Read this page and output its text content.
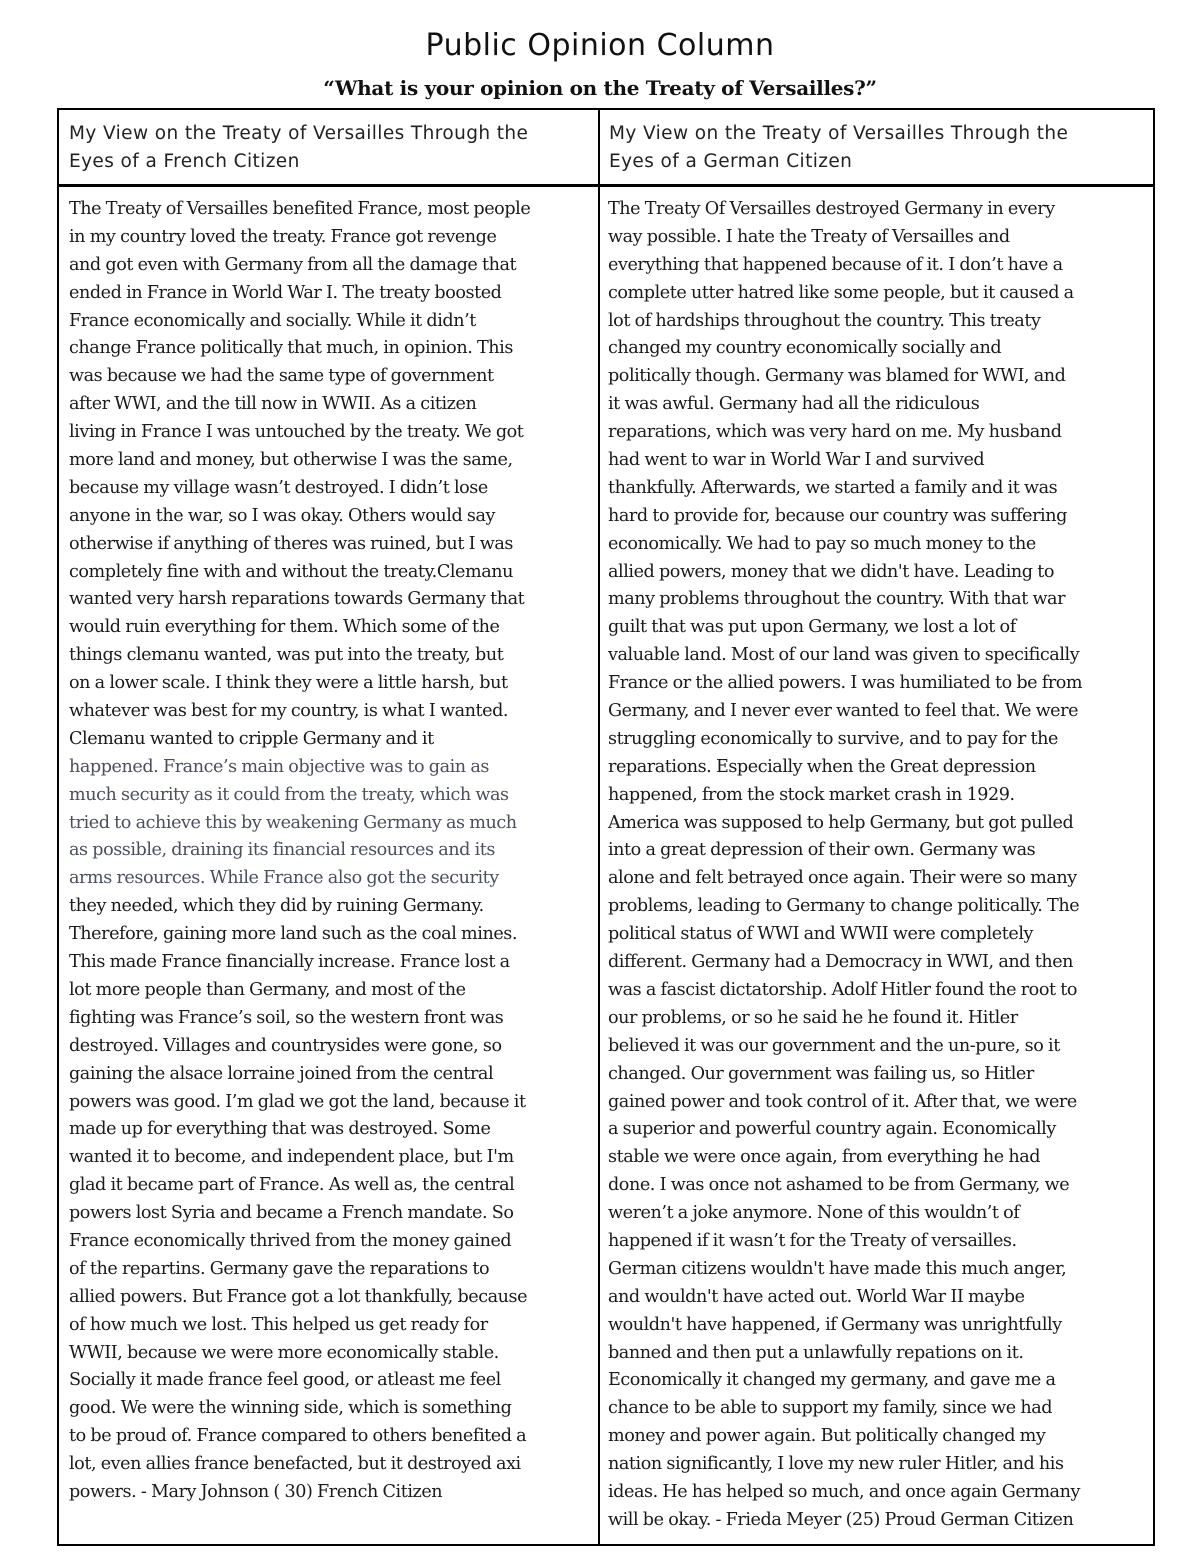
Public Opinion Column
“What is your opinion on the Treaty of Versailles?”
My View on the Treaty of Versailles Through the
Eyes of a French Citizen
My View on the Treaty of Versailles Through the
Eyes of a German Citizen
The Treaty of Versailles benefited France, most people
in my country loved the treaty. France got revenge
and got even with Germany from all the damage that
ended in France in World War I. The treaty boosted
France economically and socially. While it didn’t
change France politically that much, in opinion. This
was because we had the same type of government
after WWI, and the till now in WWII. As a citizen
living in France I was untouched by the treaty. We got
more land and money, but otherwise I was the same,
because my village wasn’t destroyed. I didn’t lose
anyone in the war, so I was okay. Others would say
otherwise if anything of theres was ruined, but I was
completely fine with and without the treaty.Clemanu
wanted very harsh reparations towards Germany that
would ruin everything for them. Which some of the
things clemanu wanted, was put into the treaty, but
on a lower scale. I think they were a little harsh, but
whatever was best for my country, is what I wanted.
Clemanu wanted to cripple Germany and it
happened. France’s main objective was to gain as
much security as it could from the treaty, which was
tried to achieve this by weakening Germany as much
as possible, draining its financial resources and its
arms resources. While France also got the security
they needed, which they did by ruining Germany.
Therefore, gaining more land such as the coal mines.
This made France financially increase. France lost a
lot more people than Germany, and most of the
fighting was France’s soil, so the western front was
destroyed. Villages and countrysides were gone, so
gaining the alsace lorraine joined from the central
powers was good. I’m glad we got the land, because it
made up for everything that was destroyed. Some
wanted it to become, and independent place, but I'm
glad it became part of France. As well as, the central
powers lost Syria and became a French mandate. So
France economically thrived from the money gained
of the repartins. Germany gave the reparations to
allied powers. But France got a lot thankfully, because
of how much we lost. This helped us get ready for
WWII, because we were more economically stable.
Socially it made france feel good, or atleast me feel
good. We were the winning side, which is something
to be proud of. France compared to others benefited a
lot, even allies france benefacted, but it destroyed axi
powers. - Mary Johnson ( 30) French Citizen
The Treaty Of Versailles destroyed Germany in every
way possible. I hate the Treaty of Versailles and
everything that happened because of it. I don’t have a
complete utter hatred like some people, but it caused a
lot of hardships throughout the country. This treaty
changed my country economically socially and
politically though. Germany was blamed for WWI, and
it was awful. Germany had all the ridiculous
reparations, which was very hard on me. My husband
had went to war in World War I and survived
thankfully. Afterwards, we started a family and it was
hard to provide for, because our country was suffering
economically. We had to pay so much money to the
allied powers, money that we didn't have. Leading to
many problems throughout the country. With that war
guilt that was put upon Germany, we lost a lot of
valuable land. Most of our land was given to specifically
France or the allied powers. I was humiliated to be from
Germany, and I never ever wanted to feel that. We were
struggling economically to survive, and to pay for the
reparations. Especially when the Great depression
happened, from the stock market crash in 1929.
America was supposed to help Germany, but got pulled
into a great depression of their own. Germany was
alone and felt betrayed once again. Their were so many
problems, leading to Germany to change politically. The
political status of WWI and WWII were completely
different. Germany had a Democracy in WWI, and then
was a fascist dictatorship. Adolf Hitler found the root to
our problems, or so he said he he found it. Hitler
believed it was our government and the un-pure, so it
changed. Our government was failing us, so Hitler
gained power and took control of it. After that, we were
a superior and powerful country again. Economically
stable we were once again, from everything he had
done. I was once not ashamed to be from Germany, we
weren’t a joke anymore. None of this wouldn’t of
happened if it wasn’t for the Treaty of versailles.
German citizens wouldn't have made this much anger,
and wouldn't have acted out. World War II maybe
wouldn't have happened, if Germany was unrightfully
banned and then put a unlawfully repations on it.
Economically it changed my germany, and gave me a
chance to be able to support my family, since we had
money and power again. But politically changed my
nation significantly, I love my new ruler Hitler, and his
ideas. He has helped so much, and once again Germany
will be okay. - Frieda Meyer (25) Proud German Citizen
